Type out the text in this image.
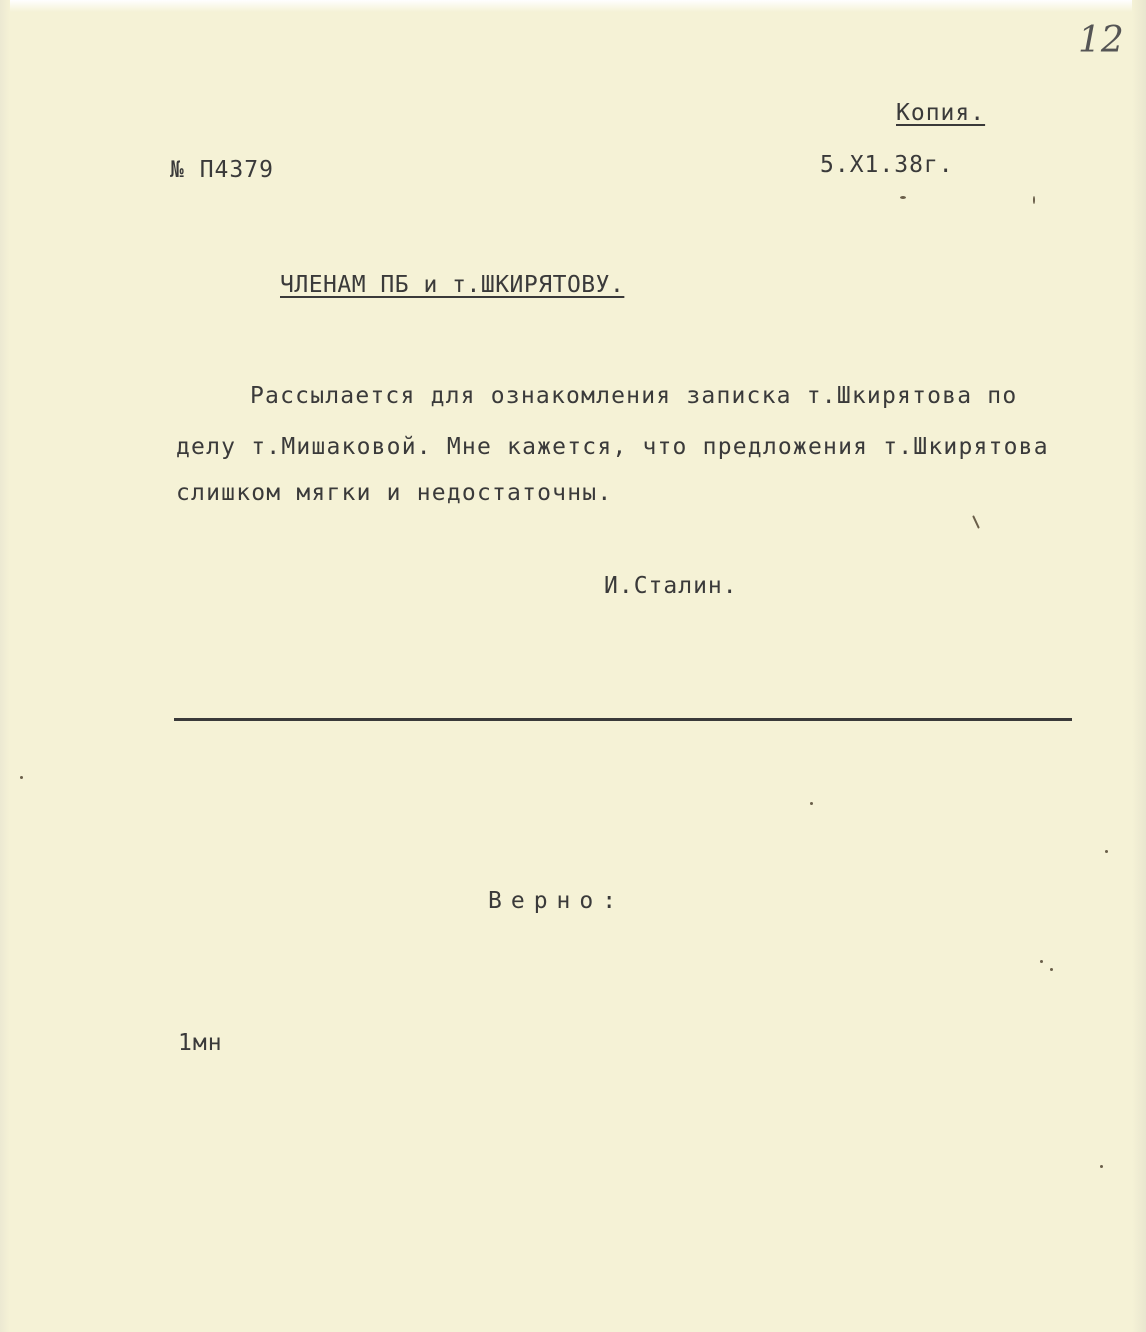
12
Копия.
№ П4379	5.Х1.38г.
ЧЛЕНАМ ПБ и т.ШКИРЯТОВУ.
Рассылается для ознакомления записка т.Шкирятова по
делу т.Мишаковой. Мне кажется, что предложения т.Шкирятова
слишком мягки и недостаточны.
И.Сталин.
Верно:
1мн
